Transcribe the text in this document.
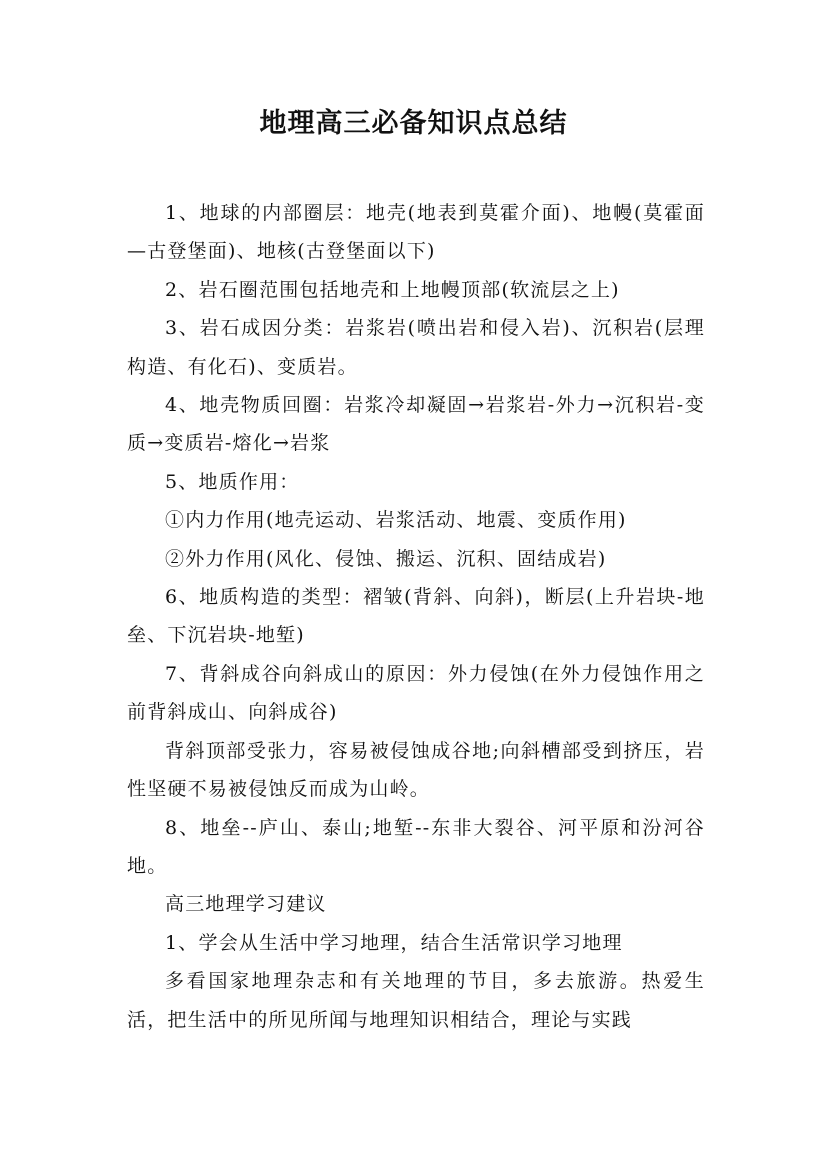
地理高三必备知识点总结

1、地球的内部圈层：地壳(地表到莫霍介面)、地幔(莫霍面—古登堡面)、地核(古登堡面以下)

2、岩石圈范围包括地壳和上地幔顶部(软流层之上)

3、岩石成因分类：岩浆岩(喷出岩和侵入岩)、沉积岩(层理构造、有化石)、变质岩。

4、地壳物质回圈：岩浆冷却凝固→岩浆岩-外力→沉积岩-变质→变质岩-熔化→岩浆

5、地质作用：

①内力作用(地壳运动、岩浆活动、地震、变质作用)

②外力作用(风化、侵蚀、搬运、沉积、固结成岩)

6、地质构造的类型：褶皱(背斜、向斜)，断层(上升岩块-地垒、下沉岩块-地堑)

7、背斜成谷向斜成山的原因：外力侵蚀(在外力侵蚀作用之前背斜成山、向斜成谷)

背斜顶部受张力，容易被侵蚀成谷地;向斜槽部受到挤压，岩性坚硬不易被侵蚀反而成为山岭。

8、地垒--庐山、泰山;地堑--东非大裂谷、河平原和汾河谷地。

高三地理学习建议

1、学会从生活中学习地理，结合生活常识学习地理

多看国家地理杂志和有关地理的节目，多去旅游。热爱生活，把生活中的所见所闻与地理知识相结合，理论与实践
